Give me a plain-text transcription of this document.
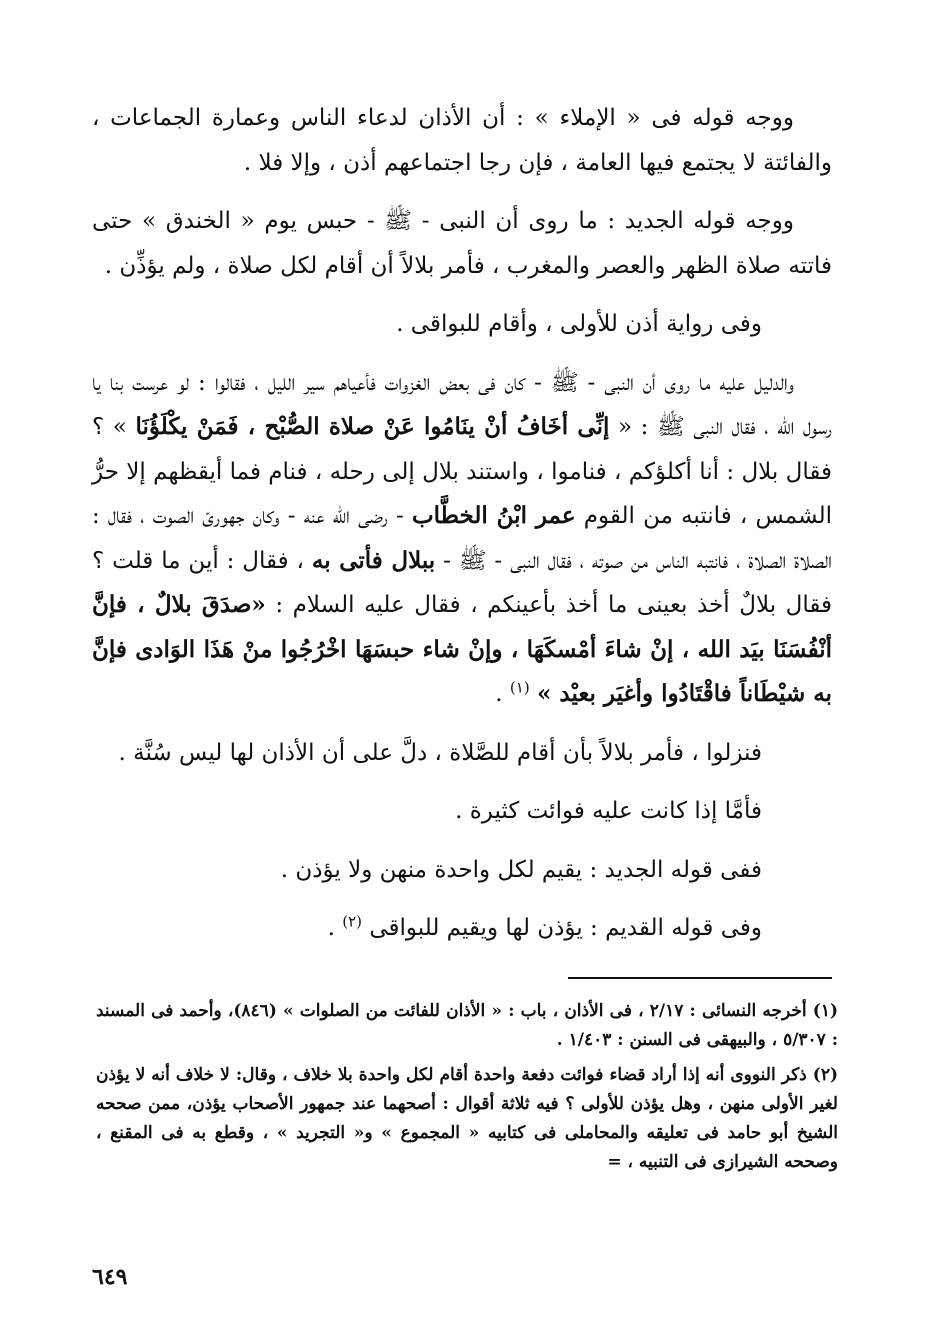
ووجه قوله فى « الإملاء » : أن الأذان لدعاء الناس وعمارة الجماعات ، والفائتة لا يجتمع فيها العامة ، فإن رجا اجتماعهم أذن ، وإلا فلا .

ووجه قوله الجديد : ما روى أن النبى - ﷺ - حبس يوم « الخندق » حتى فاتته صلاة الظهر والعصر والمغرب ، فأمر بلالاً أن أقام لكل صلاة ، ولم يؤذِّن .

وفى رواية أذن للأولى ، وأقام للبواقى .

والدليل عليه ما روى أن النبى - ﷺ - كان فى بعض الغزوات فأعياهم سير الليل ، فقالوا : لو عرست بنا يا رسول الله ، فقال النبى ﷺ : « إنِّى أخَافُ أنْ ينَامُوا عَنْ صلاة الصُّبْح ، فَمَنْ يكْلَؤُنَا » ؟ فقال بلال : أنا أكلؤكم ، فناموا ، واستند بلال إلى رحله ، فنام فما أيقظهم إلا حرُّ الشمس ، فانتبه من القوم عمر ابْنُ الخطَّاب - رضى الله عنه - وكان جهورىّ الصوت ، فقال : الصلاة الصلاة ، فانتبه الناس من صوته ، فقال النبى - ﷺ - ببلال فأتى به ، فقال : أين ما قلت ؟ فقال بلالٌ أخذ بعينى ما أخذ بأعينكم ، فقال عليه السلام : «صدَقَ بلالٌ ، فإنَّ أنْفُسَنَا بيَد الله ، إنْ شاءَ أمْسكَهَا ، وإنْ شاء حبسَهَا اخْرُجُوا منْ هَذَا الوَادى فإنَّ به شيْطَاناً فاقْتَادُوا وأغيَر بعيْد » $^{(١)}$ .

فنزلوا ، فأمر بلالاً بأن أقام للصَّلاة ، دلَّ على أن الأذان لها ليس سُنَّة .

فأمَّا إذا كانت عليه فوائت كثيرة .

ففى قوله الجديد : يقيم لكل واحدة منهن ولا يؤذن .

وفى قوله القديم : يؤذن لها ويقيم للبواقى $^{(٢)}$ .

(١) أخرجه النسائى : ٢/١٧ ، فى الأذان ، باب : « الأذان للفائت من الصلوات » (٨٤٦)، وأحمد فى المسند : ٥/٣٠٧ ، والبيهقى فى السنن : ١/٤٠٣ .

(٢) ذكر النووى أنه إذا أراد قضاء فوائت دفعة واحدة أقام لكل واحدة بلا خلاف ، وقال: لا خلاف أنه لا يؤذن لغير الأولى منهن ، وهل يؤذن للأولى ؟ فيه ثلاثة أقوال : أصحهما عند جمهور الأصحاب يؤذن، ممن صححه الشيخ أبو حامد فى تعليقه والمحاملى فى كتابيه « المجموع » و« التجريد » ، وقطع به فى المقنع ، وصححه الشيرازى فى التنبيه ، =

٦٤٩
